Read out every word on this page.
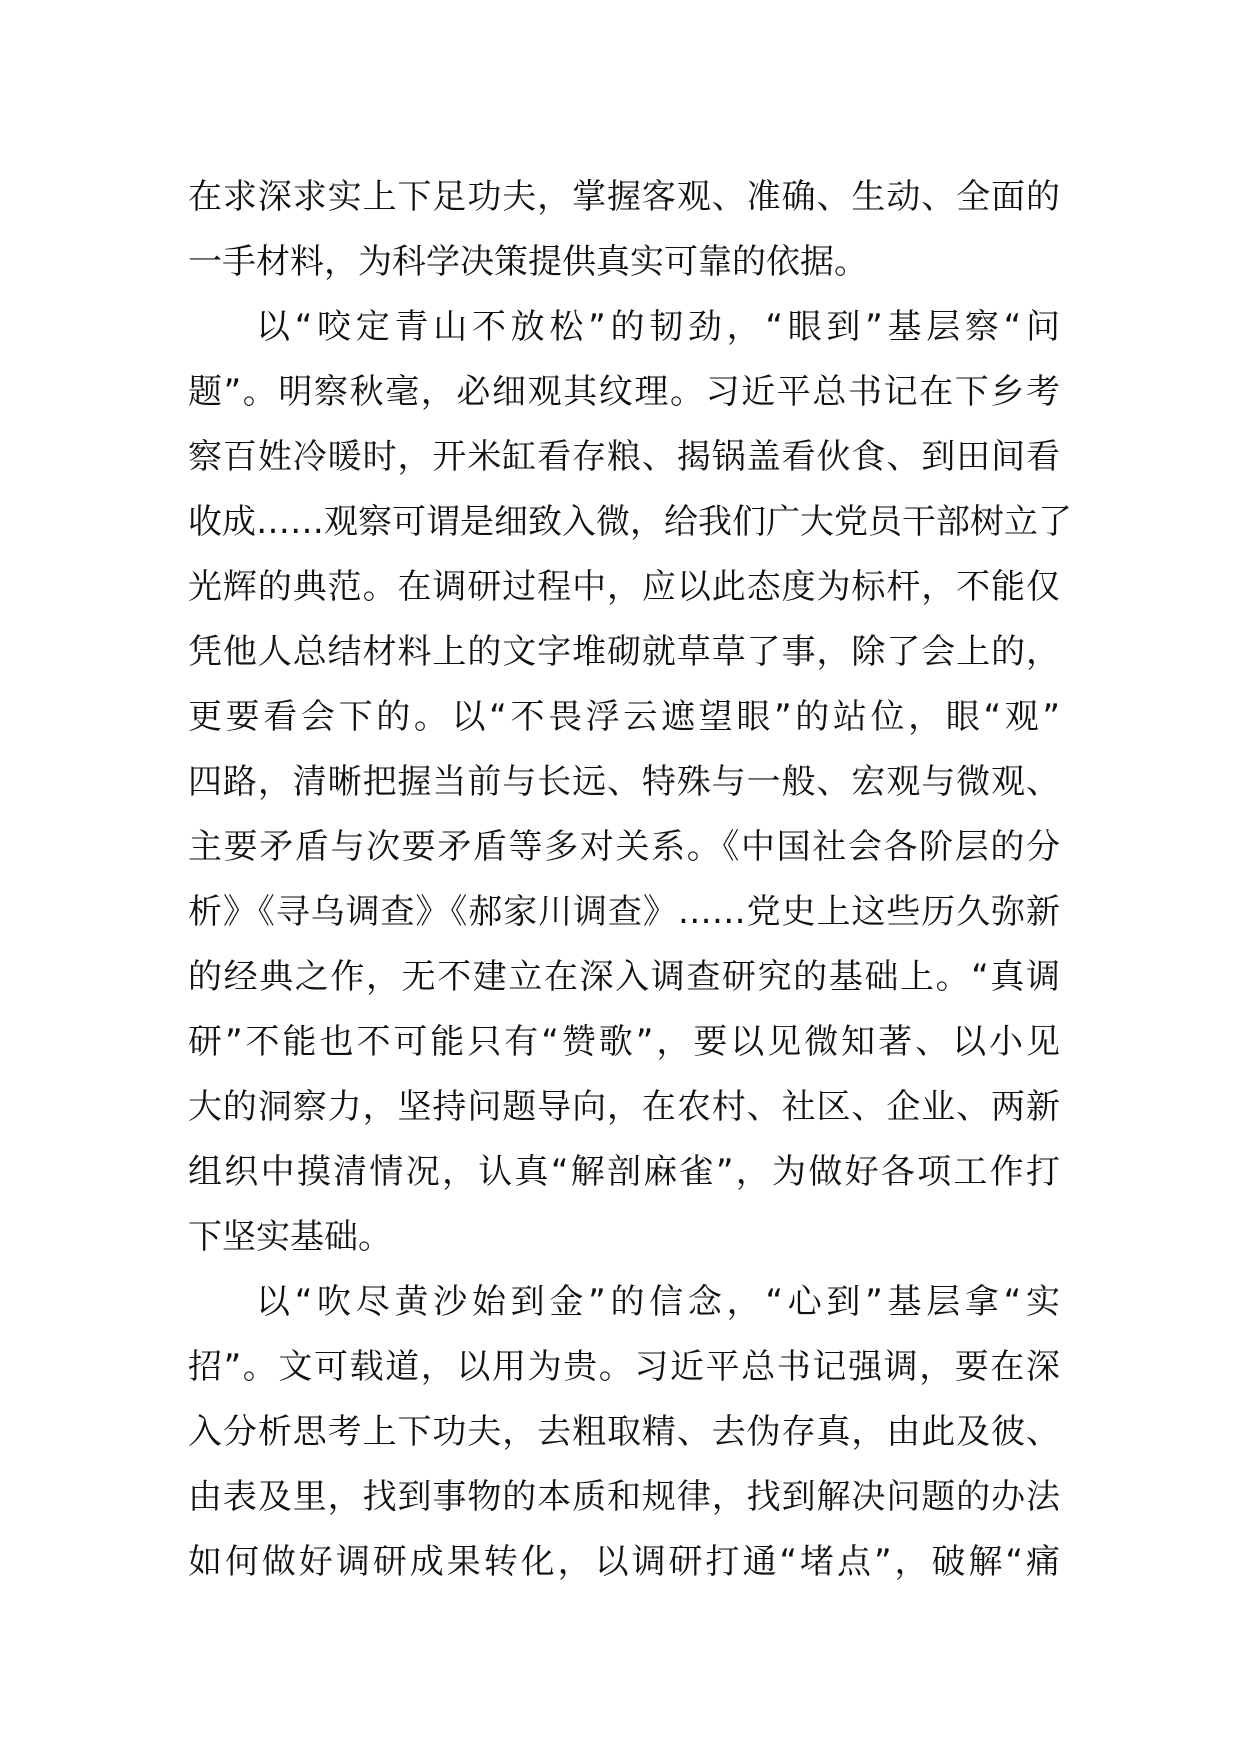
在求深求实上下足功夫，掌握客观、准确、生动、全面的
一手材料，为科学决策提供真实可靠的依据。
以“咬定青山不放松”的韧劲，“眼到”基层察“问
题”。明察秋毫，必细观其纹理。习近平总书记在下乡考
察百姓冷暖时，开米缸看存粮、揭锅盖看伙食、到田间看
收成……观察可谓是细致入微，给我们广大党员干部树立了
光辉的典范。在调研过程中，应以此态度为标杆，不能仅
凭他人总结材料上的文字堆砌就草草了事，除了会上的，
更要看会下的。以“不畏浮云遮望眼”的站位，眼“观”
四路，清晰把握当前与长远、特殊与一般、宏观与微观、
主要矛盾与次要矛盾等多对关系。《中国社会各阶层的分
析》《寻乌调查》《郝家川调查》……党史上这些历久弥新
的经典之作，无不建立在深入调查研究的基础上。“真调
研”不能也不可能只有“赞歌”，要以见微知著、以小见
大的洞察力，坚持问题导向，在农村、社区、企业、两新
组织中摸清情况，认真“解剖麻雀”，为做好各项工作打
下坚实基础。
以“吹尽黄沙始到金”的信念，“心到”基层拿“实
招”。文可载道，以用为贵。习近平总书记强调，要在深
入分析思考上下功夫，去粗取精、去伪存真，由此及彼、
由表及里，找到事物的本质和规律，找到解决问题的办法
如何做好调研成果转化，以调研打通“堵点”，破解“痛
